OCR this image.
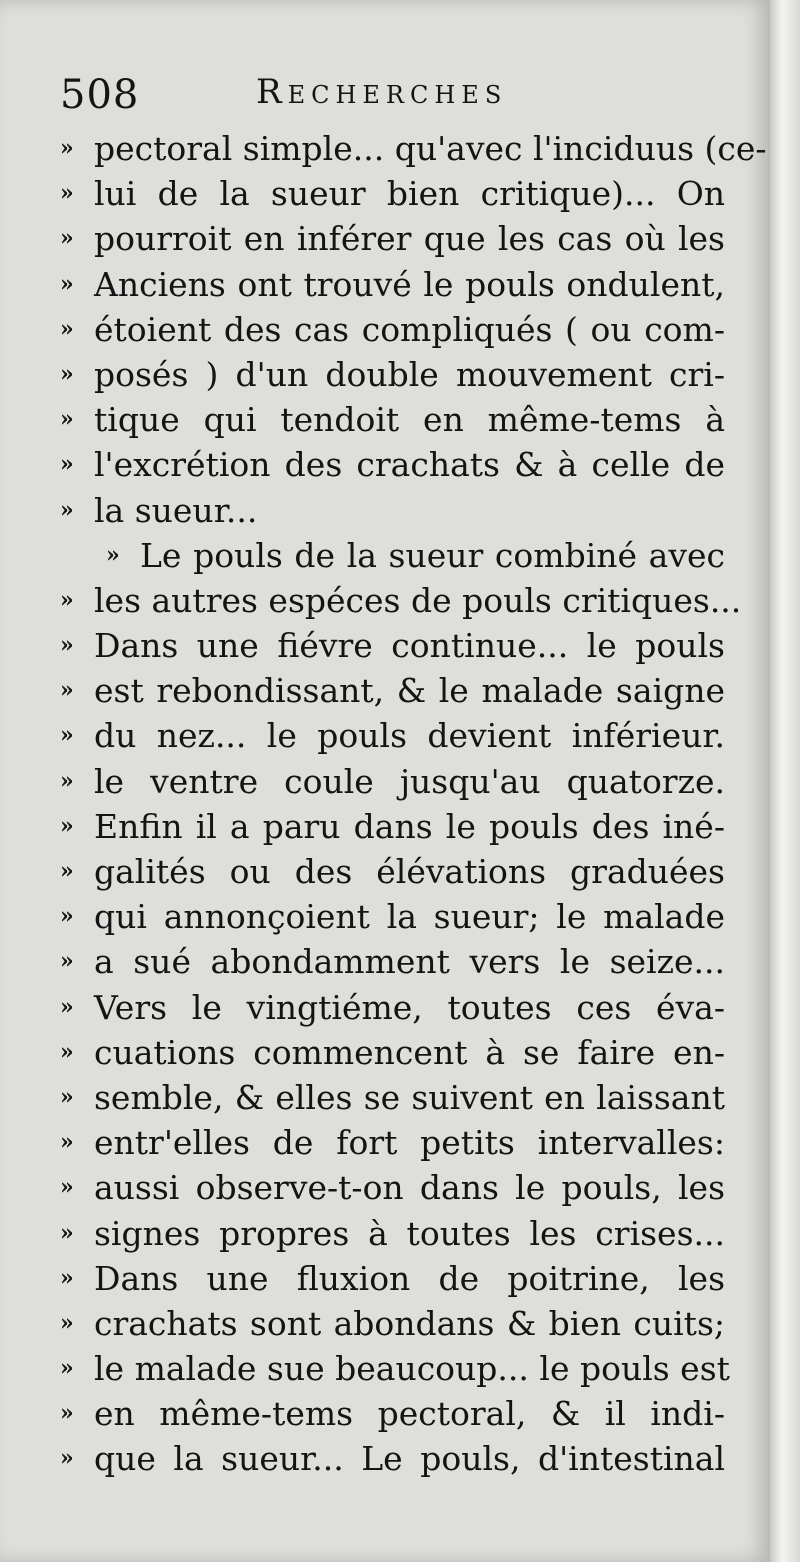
508	Recherches
» pectoral simple... qu'avec l'inciduus (ce-
» lui de la sueur bien critique)... On
» pourroit en inférer que les cas où les
» Anciens ont trouvé le pouls ondulent,
» étoient des cas compliqués ( ou com-
» posés ) d'un double mouvement cri-
» tique qui tendoit en même-tems à
» l'excrétion des crachats & à celle de
» la sueur...
» Le pouls de la sueur combiné avec
» les autres espéces de pouls critiques...
» Dans une fiévre continue... le pouls
» est rebondissant, & le malade saigne
» du nez... le pouls devient inférieur.
» le ventre coule jusqu'au quatorze.
» Enfin il a paru dans le pouls des iné-
» galités ou des élévations graduées
» qui annonçoient la sueur; le malade
» a sué abondamment vers le seize...
» Vers le vingtiéme, toutes ces éva-
» cuations commencent à se faire en-
» semble, & elles se suivent en laissant
» entr'elles de fort petits intervalles:
» aussi observe-t-on dans le pouls, les
» signes propres à toutes les crises...
» Dans une fluxion de poitrine, les
» crachats sont abondans & bien cuits;
» le malade sue beaucoup... le pouls est
» en même-tems pectoral, & il indi-
» que la sueur... Le pouls, d'intestinal
